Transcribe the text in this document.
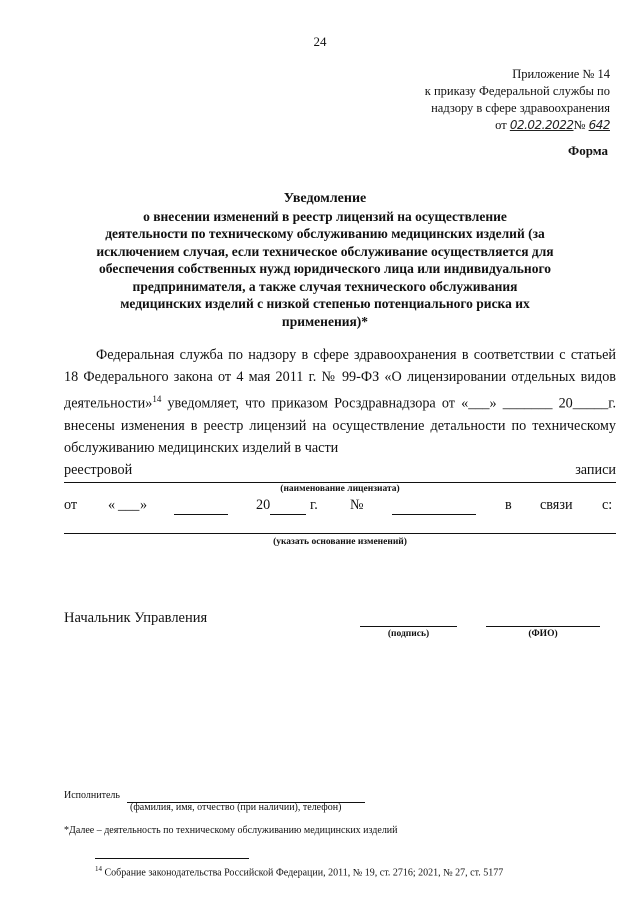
24
Приложение № 14
к приказу Федеральной службы по
надзору в сфере здравоохранения
от 02.02.2022№ 642
Форма
Уведомление
о внесении изменений в реестр лицензий на осуществление
деятельности по техническому обслуживанию медицинских изделий (за
исключением случая, если техническое обслуживание осуществляется для
обеспечения собственных нужд юридического лица или индивидуального
предпринимателя, а также случая технического обслуживания
медицинских изделий с низкой степенью потенциального риска их
применения)*

Федеральная служба по надзору в сфере здравоохранения в соответствии с статьей 18 Федерального закона от 4 мая 2011 г. № 99-ФЗ «О лицензировании отдельных видов деятельности»$^{14}$ уведомляет, что приказом Росздравнадзора от «___» _______ 20_____г. внесены изменения в реестр лицензий на осуществление детальности по техническому обслуживанию медицинских изделий в части

реестровой	записи
(наименование лицензиата)
от « ___ »	20	г. №	в связи с:
(указать основание изменений)
Начальник Управления
(подпись)	(ФИО)
Исполнитель
(фамилия, имя, отчество (при наличии), телефон)
*Далее – деятельность по техническому обслуживанию медицинских изделий
$^{14}$ Собрание законодательства Российской Федерации, 2011, № 19, ст. 2716; 2021, № 27, ст. 5177
